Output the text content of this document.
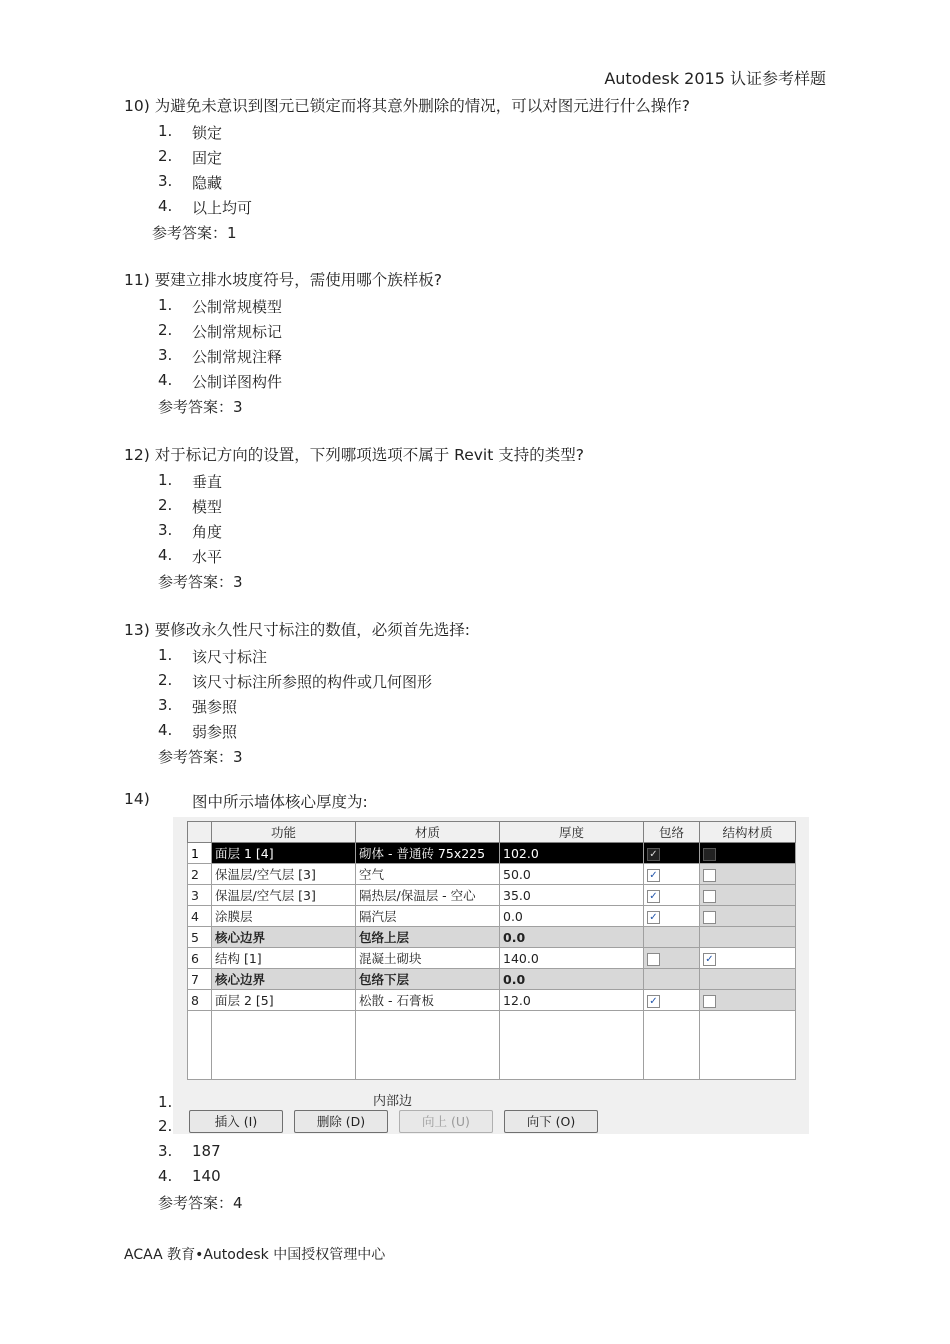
Autodesk 2015 认证参考样题
10) 为避免未意识到图元已锁定而将其意外删除的情况，可以对图元进行什么操作?
1. 锁定
2. 固定
3. 隐藏
4. 以上均可
参考答案：1
11) 要建立排水坡度符号，需使用哪个族样板?
1. 公制常规模型
2. 公制常规标记
3. 公制常规注释
4. 公制详图构件
参考答案：3
12) 对于标记方向的设置，下列哪项选项不属于 Revit 支持的类型?
1. 垂直
2. 模型
3. 角度
4. 水平
参考答案：3
13) 要修改永久性尺寸标注的数值，必须首先选择:
1. 该尺寸标注
2. 该尺寸标注所参照的构件或几何图形
3. 强参照
4. 弱参照
参考答案：3
14)	图中所示墙体核心厚度为:
	功能	材质	厚度	包络	结构材质
1	面层 1 [4]	砌体 - 普通砖 75x225	102.0	✓	
2	保温层/空气层 [3]	空气	50.0	✓	
3	保温层/空气层 [3]	隔热层/保温层 - 空心	35.0	✓	
4	涂膜层	隔汽层	0.0	✓	
5	核心边界	包络上层	0.0		
6	结构 [1]	混凝土砌块	140.0		✓
7	核心边界	包络下层	0.0		
8	面层 2 [5]	松散 - 石膏板	12.0	✓	

内部边
插入 (I)	删除 (D)	向上 (U)	向下 (O)
1.
2.
3. 187
4. 140
参考答案：4
ACAA 教育•Autodesk 中国授权管理中心
